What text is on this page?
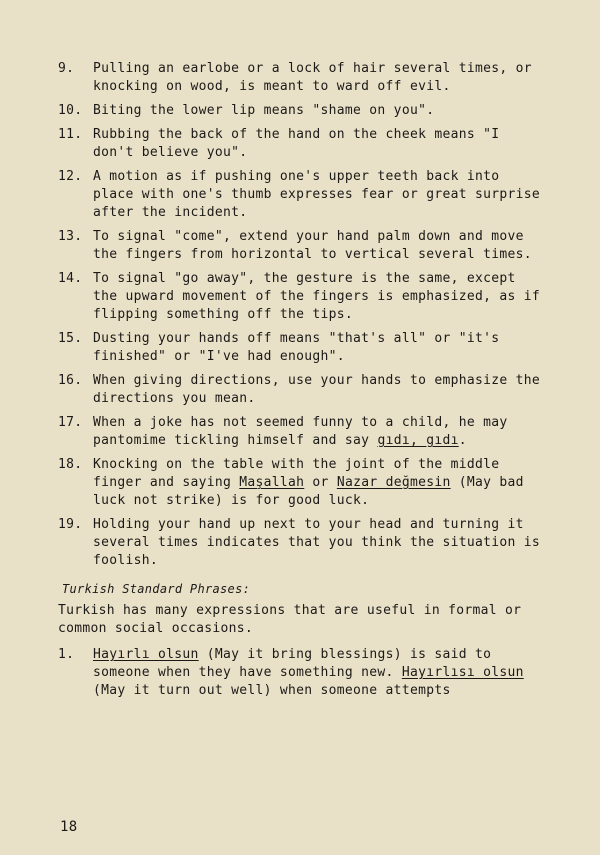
9.	Pulling an earlobe or a lock of hair several times, or knocking on wood, is meant to ward off evil.
10. Biting the lower lip means "shame on you".
11. Rubbing the back of the hand on the cheek means "I don't believe you".
12. A motion as if pushing one's upper teeth back into place with one's thumb expresses fear or great surprise after the incident.
13. To signal "come", extend your hand palm down and move the fingers from horizontal to vertical several times.
14. To signal "go away", the gesture is the same, except the upward movement of the fingers is emphasized, as if flipping something off the tips.
15. Dusting your hands off means "that's all" or "it's finished" or "I've had enough".
16. When giving directions, use your hands to emphasize the directions you mean.
17. When a joke has not seemed funny to a child, he may pantomime tickling himself and say gıdı, gıdı.
18. Knocking on the table with the joint of the middle finger and saying Maşallah or Nazar değmesin (May bad luck not strike) is for good luck.
19. Holding your hand up next to your head and turning it several times indicates that you think the situation is foolish.
Turkish Standard Phrases:
Turkish has many expressions that are useful in formal or common social occasions.
1.	Hayırlı olsun (May it bring blessings) is said to someone when they have something new. Hayırlısı olsun (May it turn out well) when someone attempts
18
